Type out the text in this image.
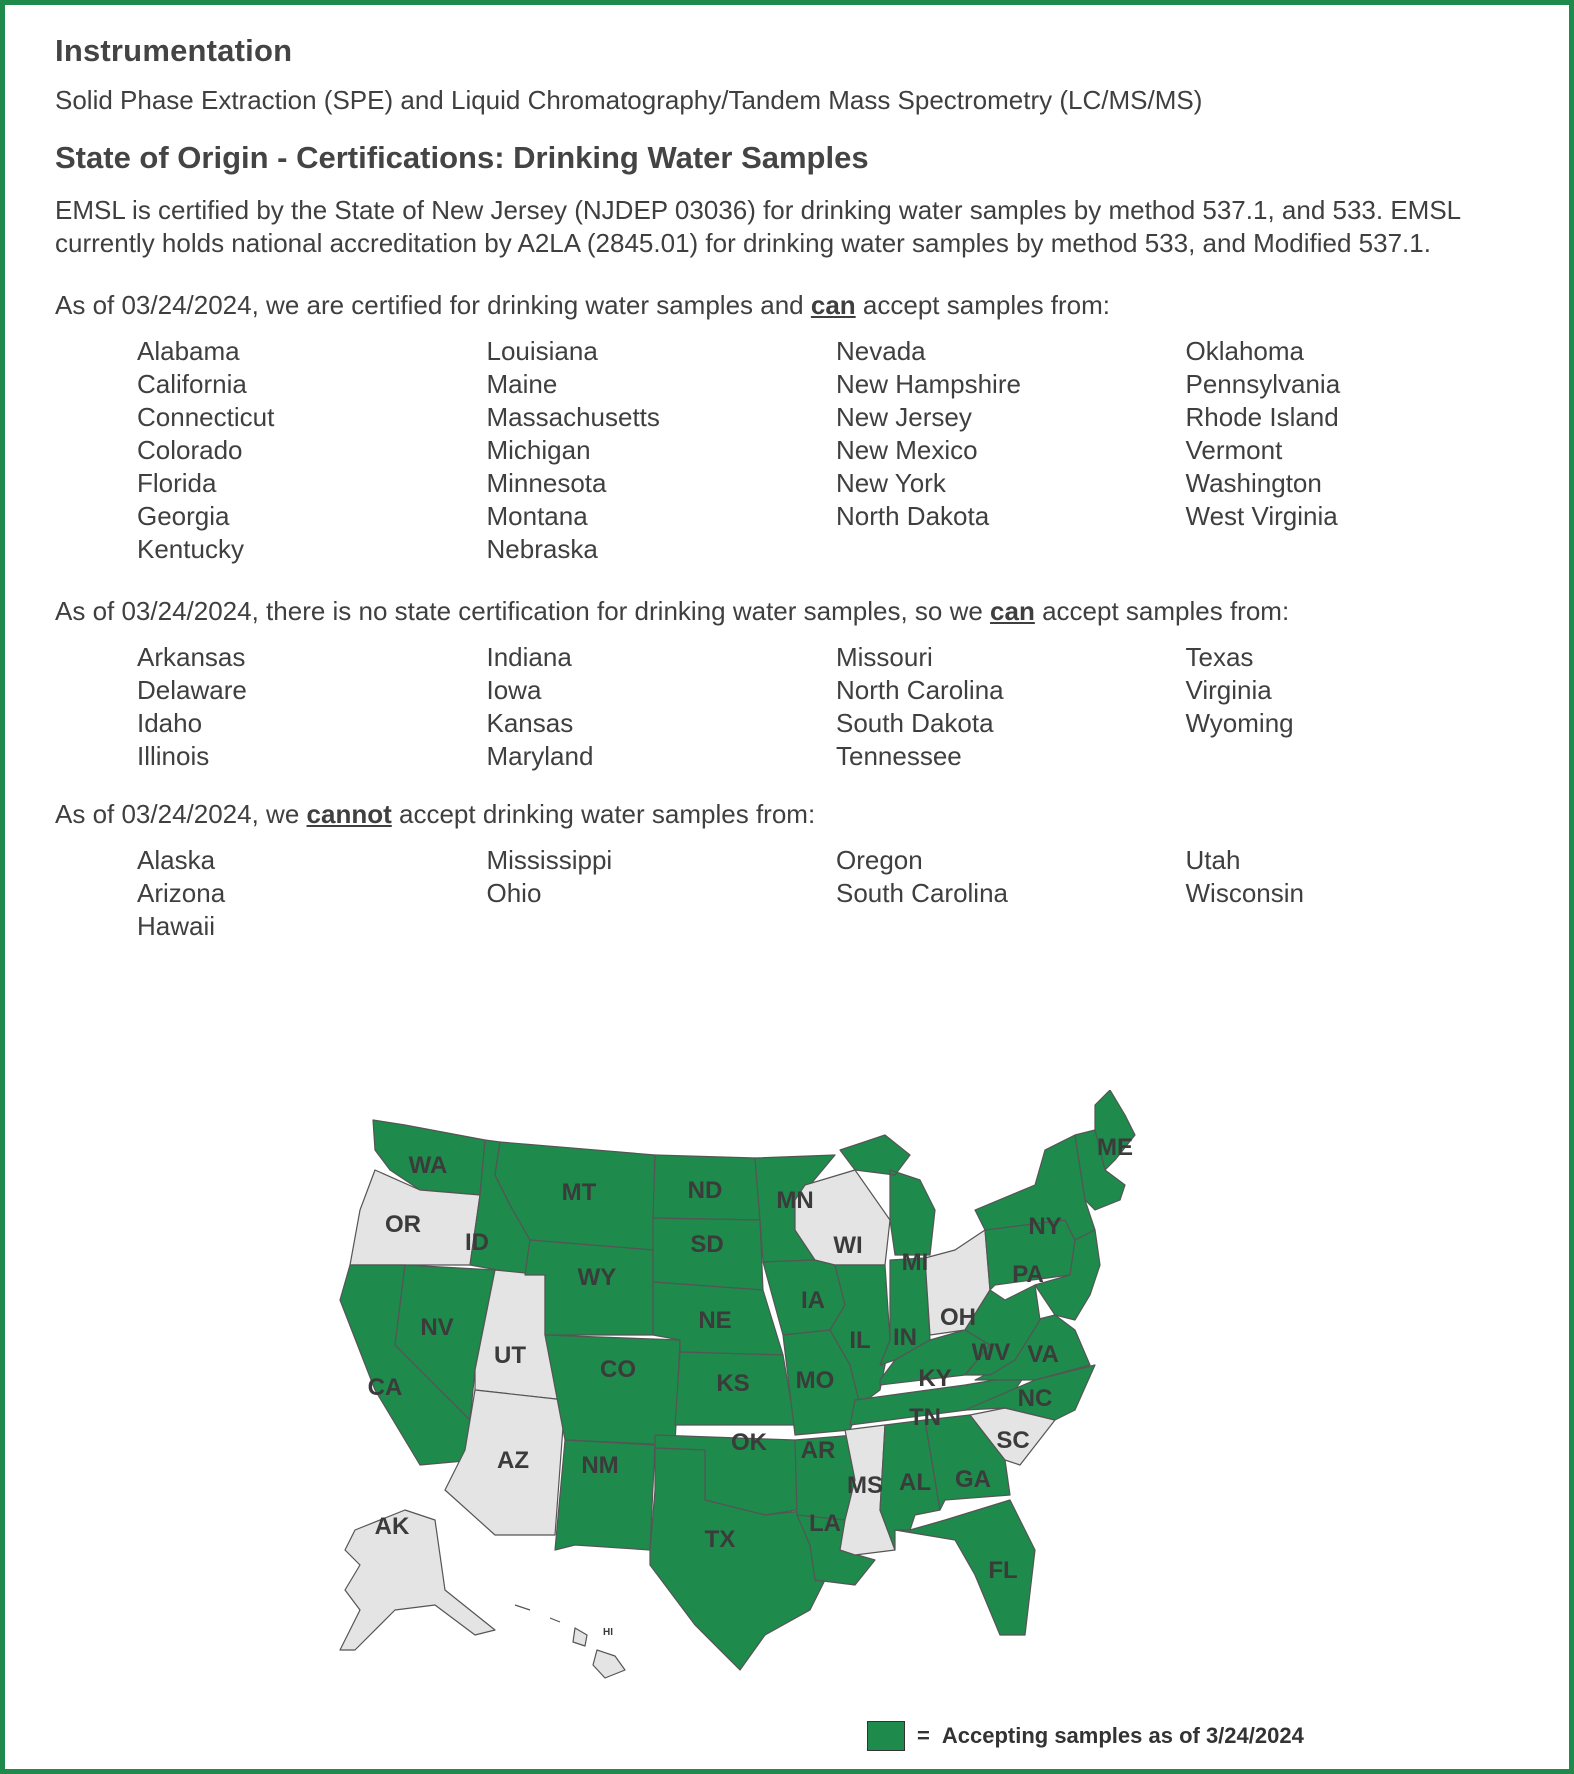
Instrumentation
Solid Phase Extraction (SPE) and Liquid Chromatography/Tandem Mass Spectrometry (LC/MS/MS)
State of Origin - Certifications: Drinking Water Samples
EMSL is certified by the State of New Jersey (NJDEP 03036) for drinking water samples by method 537.1, and 533. EMSL
currently holds national accreditation by A2LA (2845.01) for drinking water samples by method 533, and Modified 537.1.
As of 03/24/2024, we are certified for drinking water samples and can accept samples from:
Alabama
California
Connecticut
Colorado
Florida
Georgia
Kentucky
Louisiana
Maine
Massachusetts
Michigan
Minnesota
Montana
Nebraska
Nevada
New Hampshire
New Jersey
New Mexico
New York
North Dakota
Oklahoma
Pennsylvania
Rhode Island
Vermont
Washington
West Virginia
As of 03/24/2024, there is no state certification for drinking water samples, so we can accept samples from:
Arkansas
Delaware
Idaho
Illinois
Indiana
Iowa
Kansas
Maryland
Missouri
North Carolina
South Dakota
Tennessee
Texas
Virginia
Wyoming
As of 03/24/2024, we cannot accept drinking water samples from:
Alaska
Arizona
Hawaii
Mississippi
Ohio
Oregon
South Carolina
Utah
Wisconsin
WA
OR
ID
MT	ND MN
WI
MI
ME
NY
CA
NV
UT
WY
SD
NE
IA
IL IN
OH
PA
CO
KS MO	KY
WV VA
AZ NM
OK AR
TN
NC
SC
MS AL GA
TX
LA
FL
AK
HI
= Accepting samples as of 3/24/2024
